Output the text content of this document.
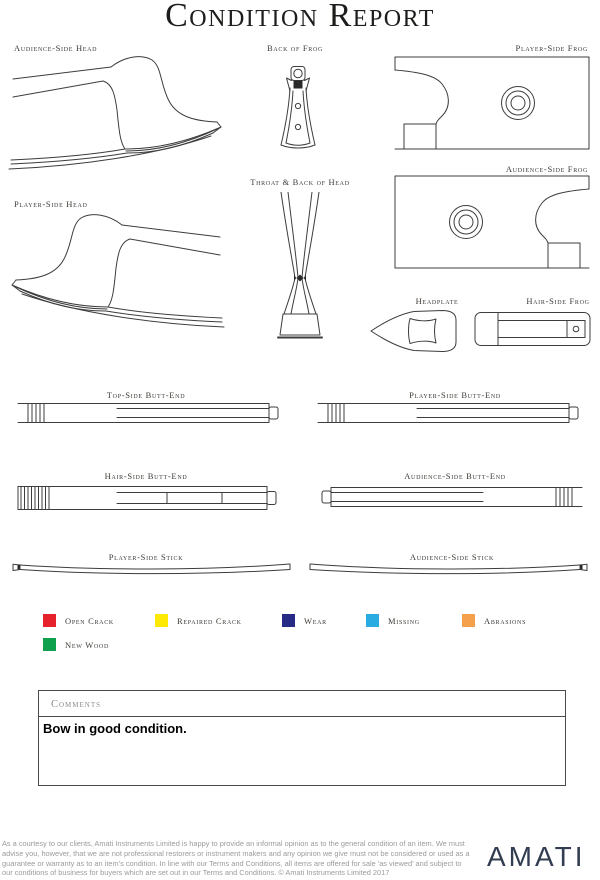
Condition Report
Audience-Side Head	Back of Frog	Player-Side Frog
Audience-Side Frog
Player-Side Head
Throat & Back of Head
Headplate	Hair-Side Frog
Top-Side Butt-End	Player-Side Butt-End
Hair-Side Butt-End	Audience-Side Butt-End
Player-Side Stick	Audience-Side Stick
Open Crack	Repaired Crack	Wear	Missing	Abrasions
New Wood
Comments
Bow in good condition.
As a courtesy to our clients, Amati Instruments Limited is happy to provide an informal opinion as to the general condition of an item. We must advise you, however, that we are not professional restorers or instrument makers and any opinion we give must not be considered or used as a guarantee or warranty as to an item's condition. In line with our Terms and Conditions, all items are offered for sale 'as viewed' and subject to our conditions of business for buyers which are set out in our Terms and Conditions. © Amati Instruments Limited 2017
AMATI
